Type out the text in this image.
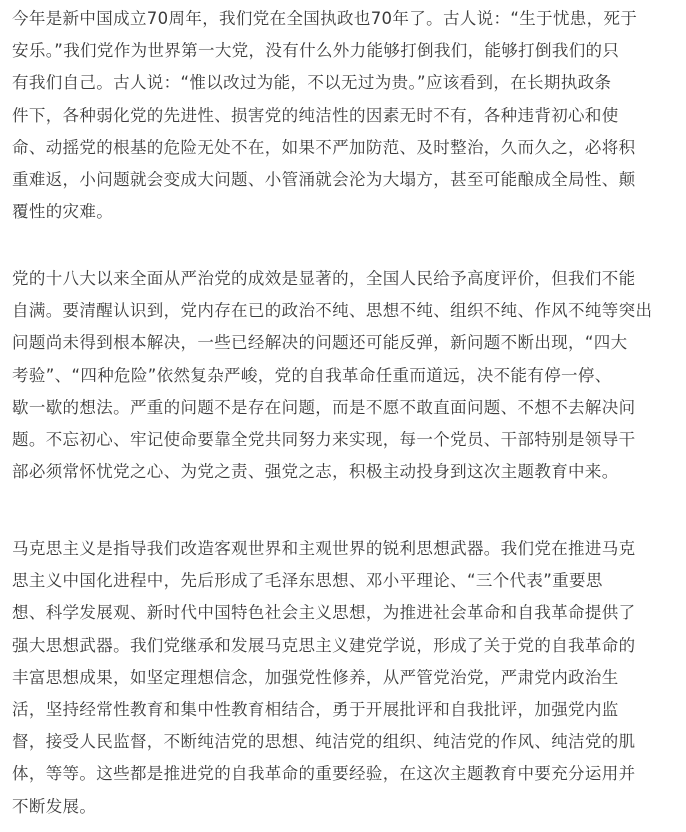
今年是新中国成立70周年，我们党在全国执政也70年了。古人说：“生于忧患，死于
安乐。”我们党作为世界第一大党，没有什么外力能够打倒我们，能够打倒我们的只
有我们自己。古人说：“惟以改过为能，不以无过为贵。”应该看到，在长期执政条
件下，各种弱化党的先进性、损害党的纯洁性的因素无时不有，各种违背初心和使
命、动摇党的根基的危险无处不在，如果不严加防范、及时整治，久而久之，必将积
重难返，小问题就会变成大问题、小管涌就会沦为大塌方，甚至可能酿成全局性、颠
覆性的灾难。
党的十八大以来全面从严治党的成效是显著的，全国人民给予高度评价，但我们不能
自满。要清醒认识到，党内存在已的政治不纯、思想不纯、组织不纯、作风不纯等突出
问题尚未得到根本解决，一些已经解决的问题还可能反弹，新问题不断出现，“四大
考验”、“四种危险”依然复杂严峻，党的自我革命任重而道远，决不能有停一停、
歇一歇的想法。严重的问题不是存在问题，而是不愿不敢直面问题、不想不去解决问
题。不忘初心、牢记使命要靠全党共同努力来实现，每一个党员、干部特别是领导干
部必须常怀忧党之心、为党之责、强党之志，积极主动投身到这次主题教育中来。
马克思主义是指导我们改造客观世界和主观世界的锐利思想武器。我们党在推进马克
思主义中国化进程中，先后形成了毛泽东思想、邓小平理论、“三个代表”重要思
想、科学发展观、新时代中国特色社会主义思想，为推进社会革命和自我革命提供了
强大思想武器。我们党继承和发展马克思主义建党学说，形成了关于党的自我革命的
丰富思想成果，如坚定理想信念，加强党性修养，从严管党治党，严肃党内政治生
活，坚持经常性教育和集中性教育相结合，勇于开展批评和自我批评，加强党内监
督，接受人民监督，不断纯洁党的思想、纯洁党的组织、纯洁党的作风、纯洁党的肌
体，等等。这些都是推进党的自我革命的重要经验，在这次主题教育中要充分运用并
不断发展。
